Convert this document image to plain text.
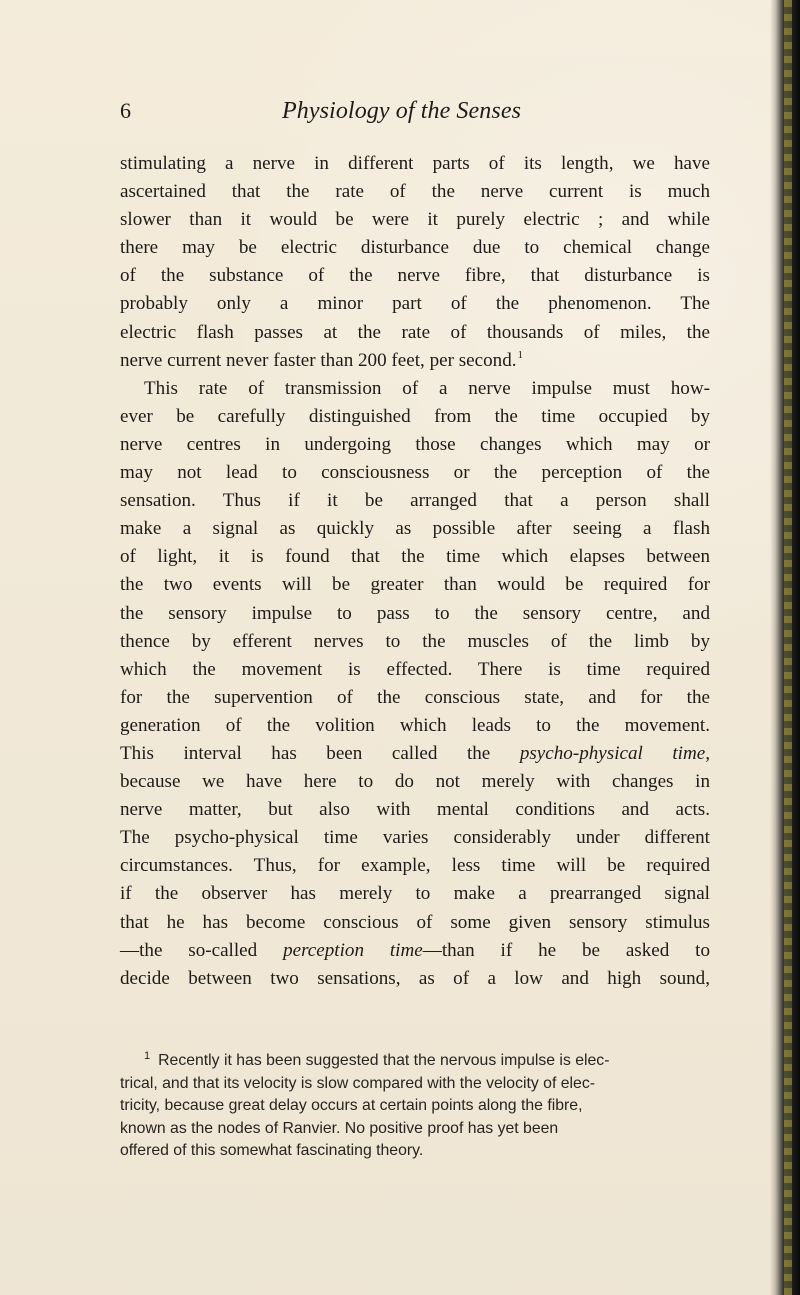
6	Physiology of the Senses
stimulating a nerve in different parts of its length, we have
ascertained that the rate of the nerve current is much
slower than it would be were it purely electric ; and while
there may be electric disturbance due to chemical change
of the substance of the nerve fibre, that disturbance is
probably only a minor part of the phenomenon. The
electric flash passes at the rate of thousands of miles, the
nerve current never faster than 200 feet, per second.$^1$
This rate of transmission of a nerve impulse must how-
ever be carefully distinguished from the time occupied by
nerve centres in undergoing those changes which may or
may not lead to consciousness or the perception of the
sensation. Thus if it be arranged that a person shall
make a signal as quickly as possible after seeing a flash
of light, it is found that the time which elapses between
the two events will be greater than would be required for
the sensory impulse to pass to the sensory centre, and
thence by efferent nerves to the muscles of the limb by
which the movement is effected. There is time required
for the supervention of the conscious state, and for the
generation of the volition which leads to the movement.
This interval has been called the psycho-physical time,
because we have here to do not merely with changes in
nerve matter, but also with mental conditions and acts.
The psycho-physical time varies considerably under different
circumstances. Thus, for example, less time will be required
if the observer has merely to make a prearranged signal
that he has become conscious of some given sensory stimulus
—the so-called perception time—than if he be asked to
decide between two sensations, as of a low and high sound,
$^1$ Recently it has been suggested that the nervous impulse is elec-
trical, and that its velocity is slow compared with the velocity of elec-
tricity, because great delay occurs at certain points along the fibre,
known as the nodes of Ranvier. No positive proof has yet been
offered of this somewhat fascinating theory.
